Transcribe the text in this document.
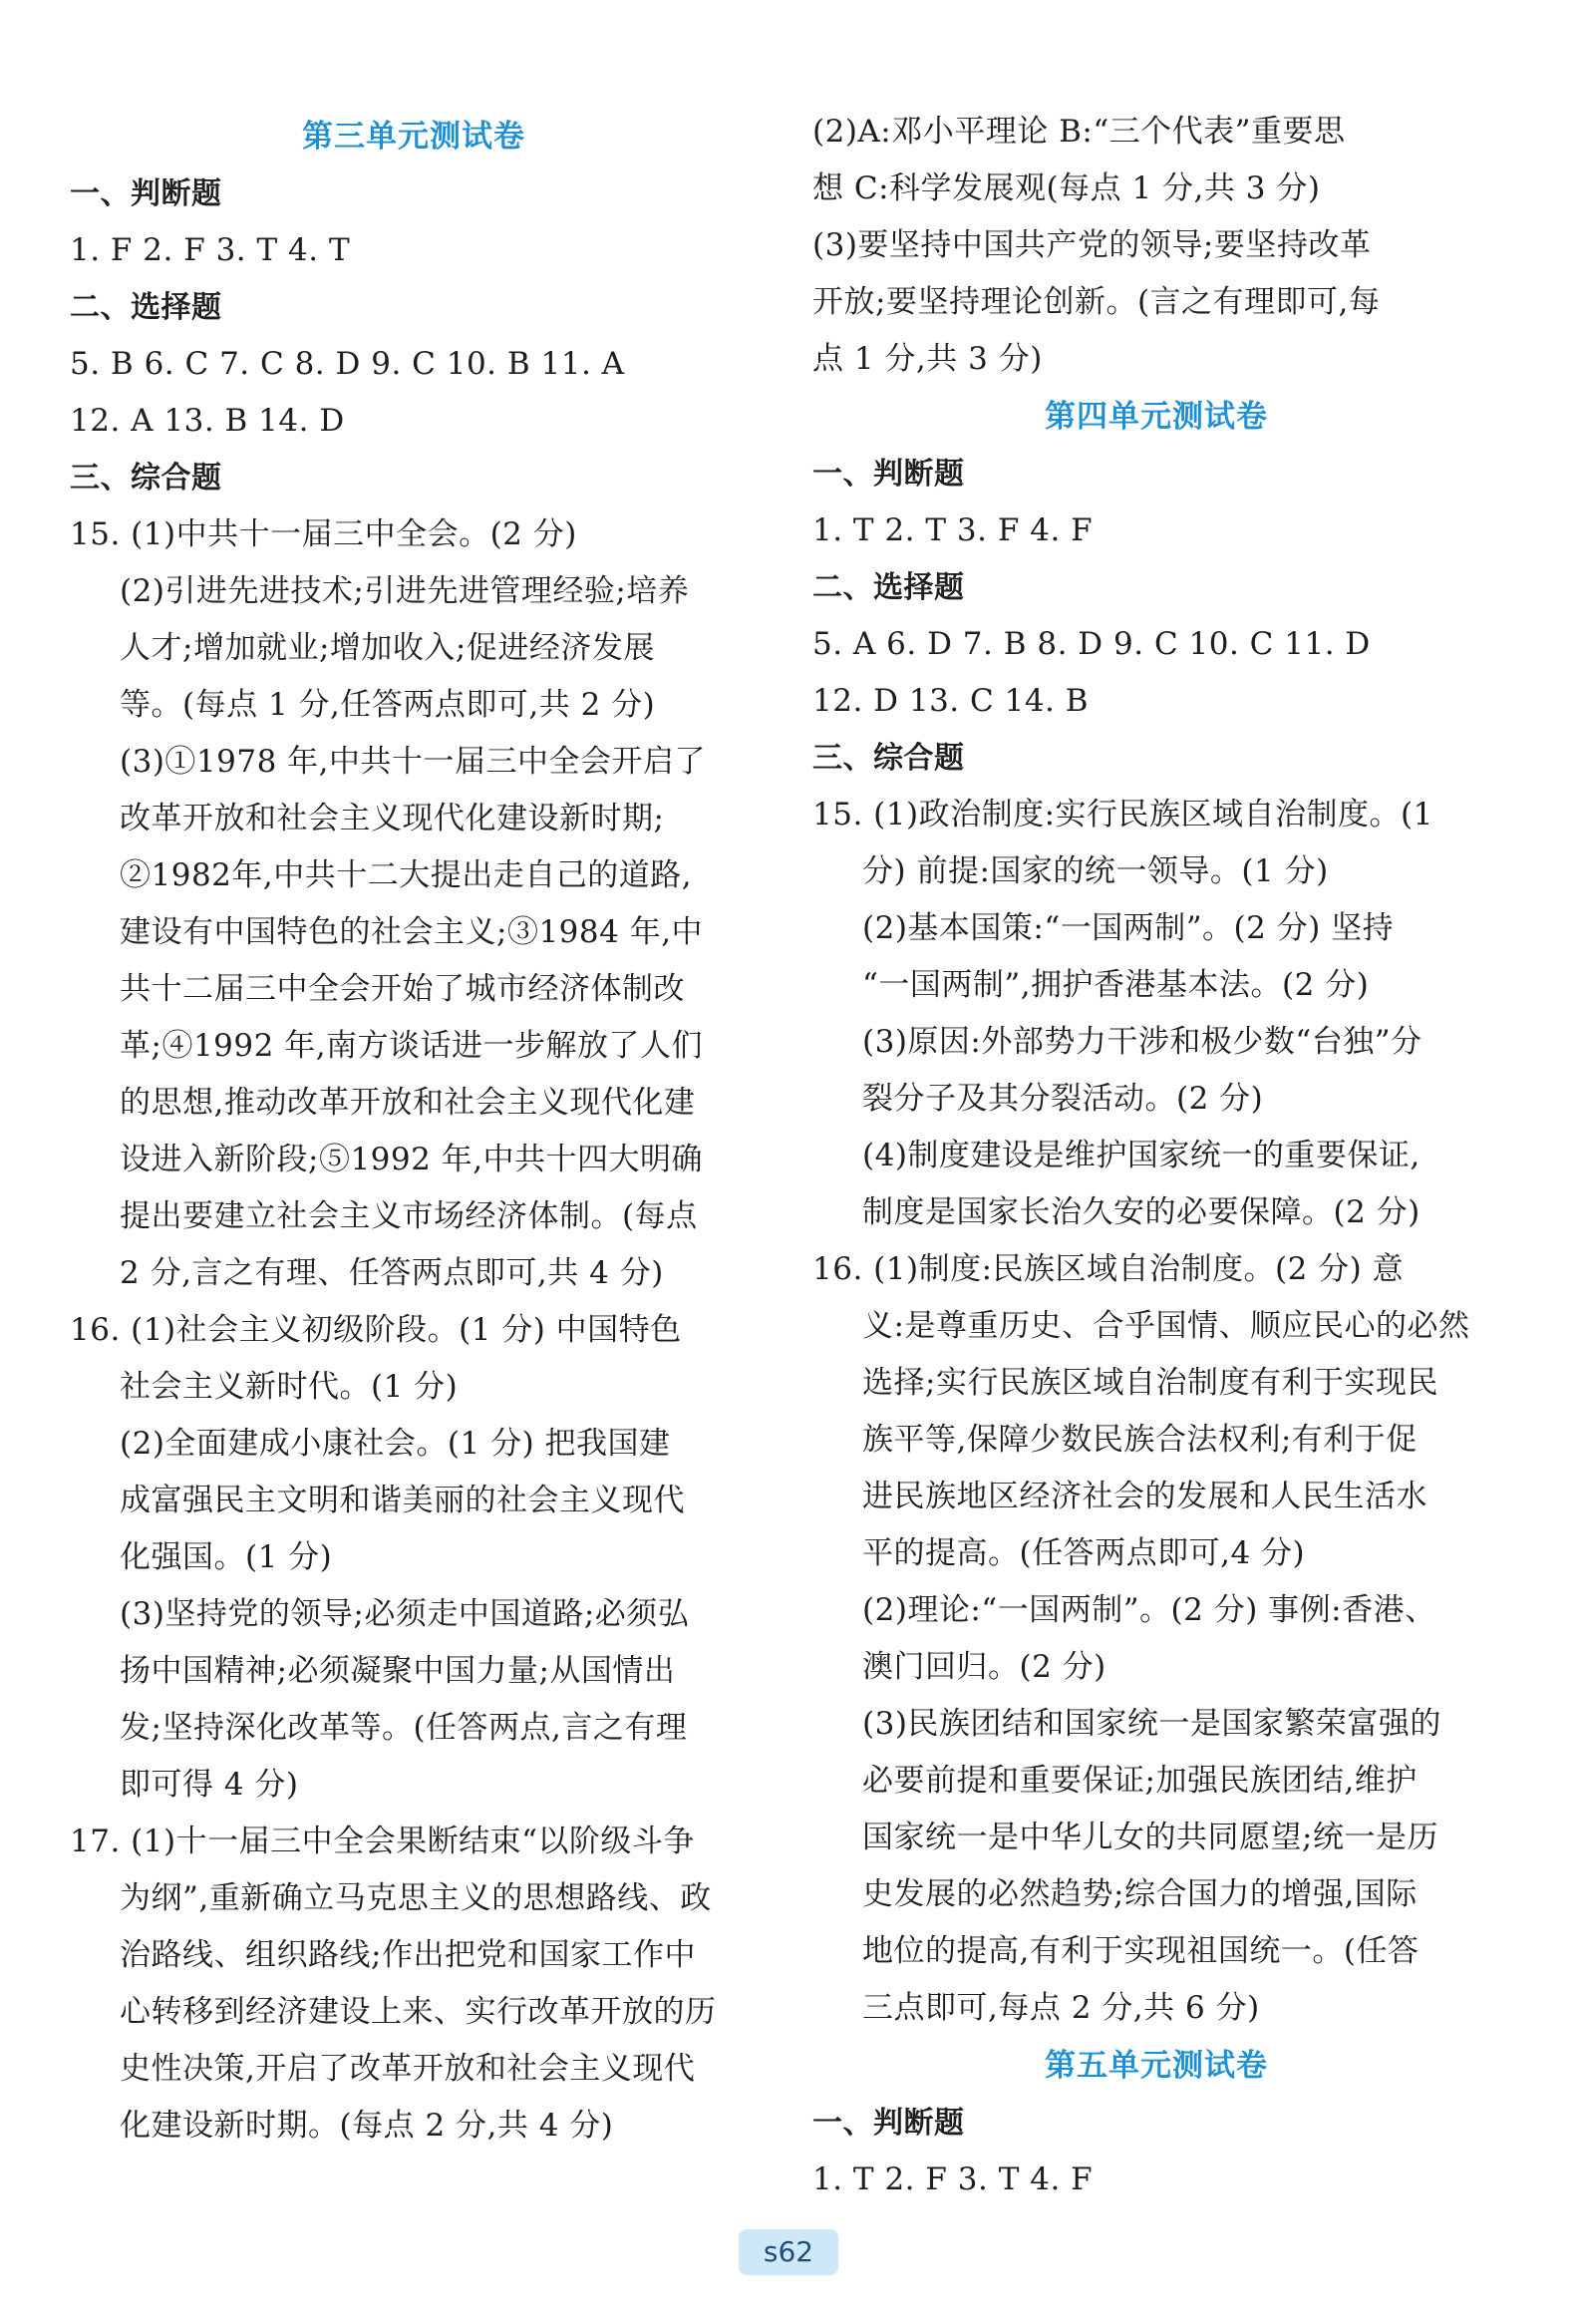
第三单元测试卷
一、判断题
1. F 2. F 3. T 4. T
二、选择题
5. B 6. C 7. C 8. D 9. C 10. B 11. A
12. A 13. B 14. D
三、综合题
15. (1)中共十一届三中全会。(2 分)
(2)引进先进技术;引进先进管理经验;培养
人才;增加就业;增加收入;促进经济发展
等。(每点 1 分,任答两点即可,共 2 分)
(3)①1978 年,中共十一届三中全会开启了
改革开放和社会主义现代化建设新时期;
②1982年,中共十二大提出走自己的道路,
建设有中国特色的社会主义;③1984 年,中
共十二届三中全会开始了城市经济体制改
革;④1992 年,南方谈话进一步解放了人们
的思想,推动改革开放和社会主义现代化建
设进入新阶段;⑤1992 年,中共十四大明确
提出要建立社会主义市场经济体制。(每点
2 分,言之有理、任答两点即可,共 4 分)
16. (1)社会主义初级阶段。(1 分) 中国特色
社会主义新时代。(1 分)
(2)全面建成小康社会。(1 分) 把我国建
成富强民主文明和谐美丽的社会主义现代
化强国。(1 分)
(3)坚持党的领导;必须走中国道路;必须弘
扬中国精神;必须凝聚中国力量;从国情出
发;坚持深化改革等。(任答两点,言之有理
即可得 4 分)
17. (1)十一届三中全会果断结束“以阶级斗争
为纲”,重新确立马克思主义的思想路线、政
治路线、组织路线;作出把党和国家工作中
心转移到经济建设上来、实行改革开放的历
史性决策,开启了改革开放和社会主义现代
化建设新时期。(每点 2 分,共 4 分)
(2)A:邓小平理论 B:“三个代表”重要思
想 C:科学发展观(每点 1 分,共 3 分)
(3)要坚持中国共产党的领导;要坚持改革
开放;要坚持理论创新。(言之有理即可,每
点 1 分,共 3 分)
第四单元测试卷
一、判断题
1. T 2. T 3. F 4. F
二、选择题
5. A 6. D 7. B 8. D 9. C 10. C 11. D
12. D 13. C 14. B
三、综合题
15. (1)政治制度:实行民族区域自治制度。(1
分) 前提:国家的统一领导。(1 分)
(2)基本国策:“一国两制”。(2 分) 坚持
“一国两制”,拥护香港基本法。(2 分)
(3)原因:外部势力干涉和极少数“台独”分
裂分子及其分裂活动。(2 分)
(4)制度建设是维护国家统一的重要保证,
制度是国家长治久安的必要保障。(2 分)
16. (1)制度:民族区域自治制度。(2 分) 意
义:是尊重历史、合乎国情、顺应民心的必然
选择;实行民族区域自治制度有利于实现民
族平等,保障少数民族合法权利;有利于促
进民族地区经济社会的发展和人民生活水
平的提高。(任答两点即可,4 分)
(2)理论:“一国两制”。(2 分) 事例:香港、
澳门回归。(2 分)
(3)民族团结和国家统一是国家繁荣富强的
必要前提和重要保证;加强民族团结,维护
国家统一是中华儿女的共同愿望;统一是历
史发展的必然趋势;综合国力的增强,国际
地位的提高,有利于实现祖国统一。(任答
三点即可,每点 2 分,共 6 分)
第五单元测试卷
一、判断题
1. T 2. F 3. T 4. F
s62
